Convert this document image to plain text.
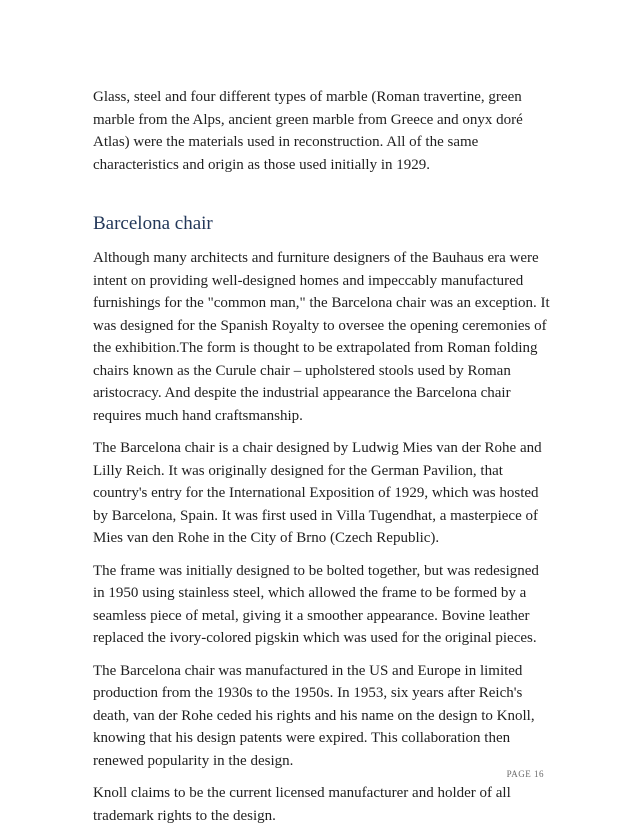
Glass, steel and four different types of marble (Roman travertine, green marble from the Alps, ancient green marble from Greece and onyx doré Atlas) were the materials used in reconstruction. All of the same characteristics and origin as those used initially in 1929.

Barcelona chair

Although many architects and furniture designers of the Bauhaus era were intent on providing well-designed homes and impeccably manufactured furnishings for the "common man," the Barcelona chair was an exception. It was designed for the Spanish Royalty to oversee the opening ceremonies of the exhibition.The form is thought to be extrapolated from Roman folding chairs known as the Curule chair – upholstered stools used by Roman aristocracy. And despite the industrial appearance the Barcelona chair requires much hand craftsmanship.

The Barcelona chair is a chair designed by Ludwig Mies van der Rohe and Lilly Reich. It was originally designed for the German Pavilion, that country's entry for the International Exposition of 1929, which was hosted by Barcelona, Spain. It was first used in Villa Tugendhat, a masterpiece of Mies van den Rohe in the City of Brno (Czech Republic).

The frame was initially designed to be bolted together, but was redesigned in 1950 using stainless steel, which allowed the frame to be formed by a seamless piece of metal, giving it a smoother appearance. Bovine leather replaced the ivory-colored pigskin which was used for the original pieces.

The Barcelona chair was manufactured in the US and Europe in limited production from the 1930s to the 1950s. In 1953, six years after Reich's death, van der Rohe ceded his rights and his name on the design to Knoll, knowing that his design patents were expired. This collaboration then renewed popularity in the design.

Knoll claims to be the current licensed manufacturer and holder of all trademark rights to the design.

PAGE 16
